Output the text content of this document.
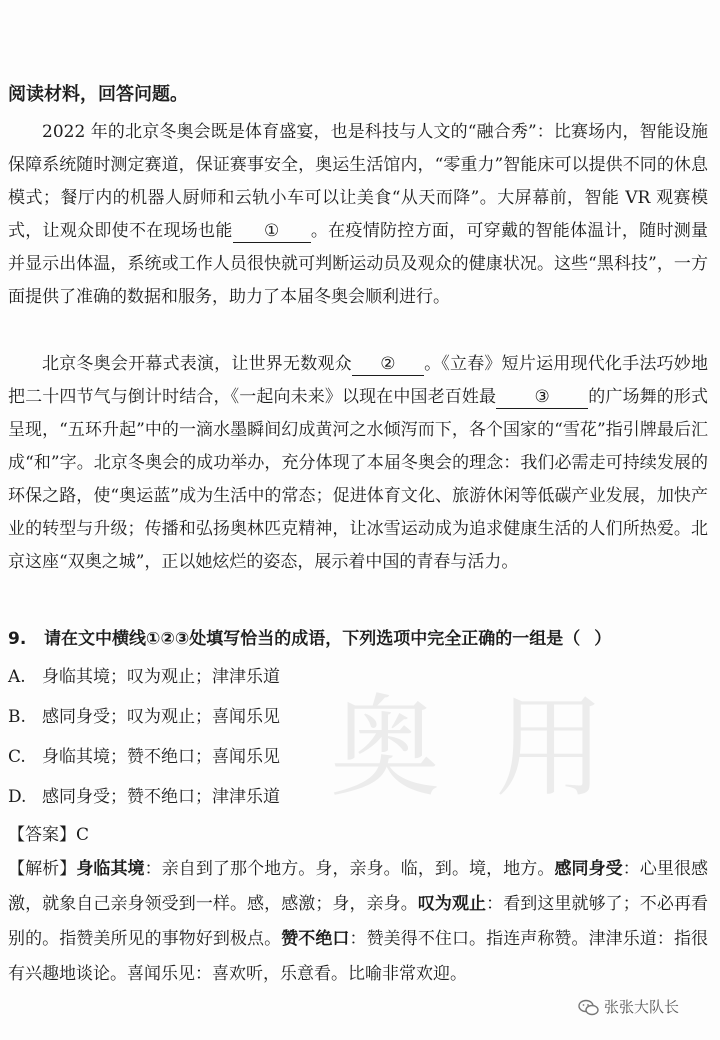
奥 用
阅读材料，回答问题。
2022 年的北京冬奥会既是体育盛宴，也是科技与人文的“融合秀”：比赛场内，智能设施保障系统随时测定赛道，保证赛事安全，奥运生活馆内，“零重力”智能床可以提供不同的休息模式；餐厅内的机器人厨师和云轨小车可以让美食“从天而降”。大屏幕前，智能 VR 观赛模式，让观众即使不在现场也能 ① 。在疫情防控方面，可穿戴的智能体温计，随时测量并显示出体温，系统或工作人员很快就可判断运动员及观众的健康状况。这些“黑科技”，一方面提供了准确的数据和服务，助力了本届冬奥会顺利进行。
北京冬奥会开幕式表演，让世界无数观众 ② 。《立春》短片运用现代化手法巧妙地把二十四节气与倒计时结合，《一起向未来》以现在中国老百姓最 ③ 的广场舞的形式呈现，“五环升起”中的一滴水墨瞬间幻成黄河之水倾泻而下，各个国家的“雪花”指引牌最后汇成“和”字。北京冬奥会的成功举办，充分体现了本届冬奥会的理念：我们必需走可持续发展的环保之路，使“奥运蓝”成为生活中的常态；促进体育文化、旅游休闲等低碳产业发展，加快产业的转型与升级；传播和弘扬奥林匹克精神，让冰雪运动成为追求健康生活的人们所热爱。北京这座“双奥之城”，正以她炫烂的姿态，展示着中国的青春与活力。
9. 请在文中横线①②③处填写恰当的成语，下列选项中完全正确的一组是（ ）
A. 身临其境；叹为观止；津津乐道
B. 感同身受；叹为观止；喜闻乐见
C. 身临其境；赞不绝口；喜闻乐见
D. 感同身受；赞不绝口；津津乐道
【答案】C
【解析】身临其境：亲自到了那个地方。身，亲身。临，到。境，地方。感同身受：心里很感激，就象自己亲身领受到一样。感，感激；身，亲身。叹为观止：看到这里就够了；不必再看别的。指赞美所见的事物好到极点。赞不绝口：赞美得不住口。指连声称赞。津津乐道：指很有兴趣地谈论。喜闻乐见：喜欢听，乐意看。比喻非常欢迎。
张张大队长
